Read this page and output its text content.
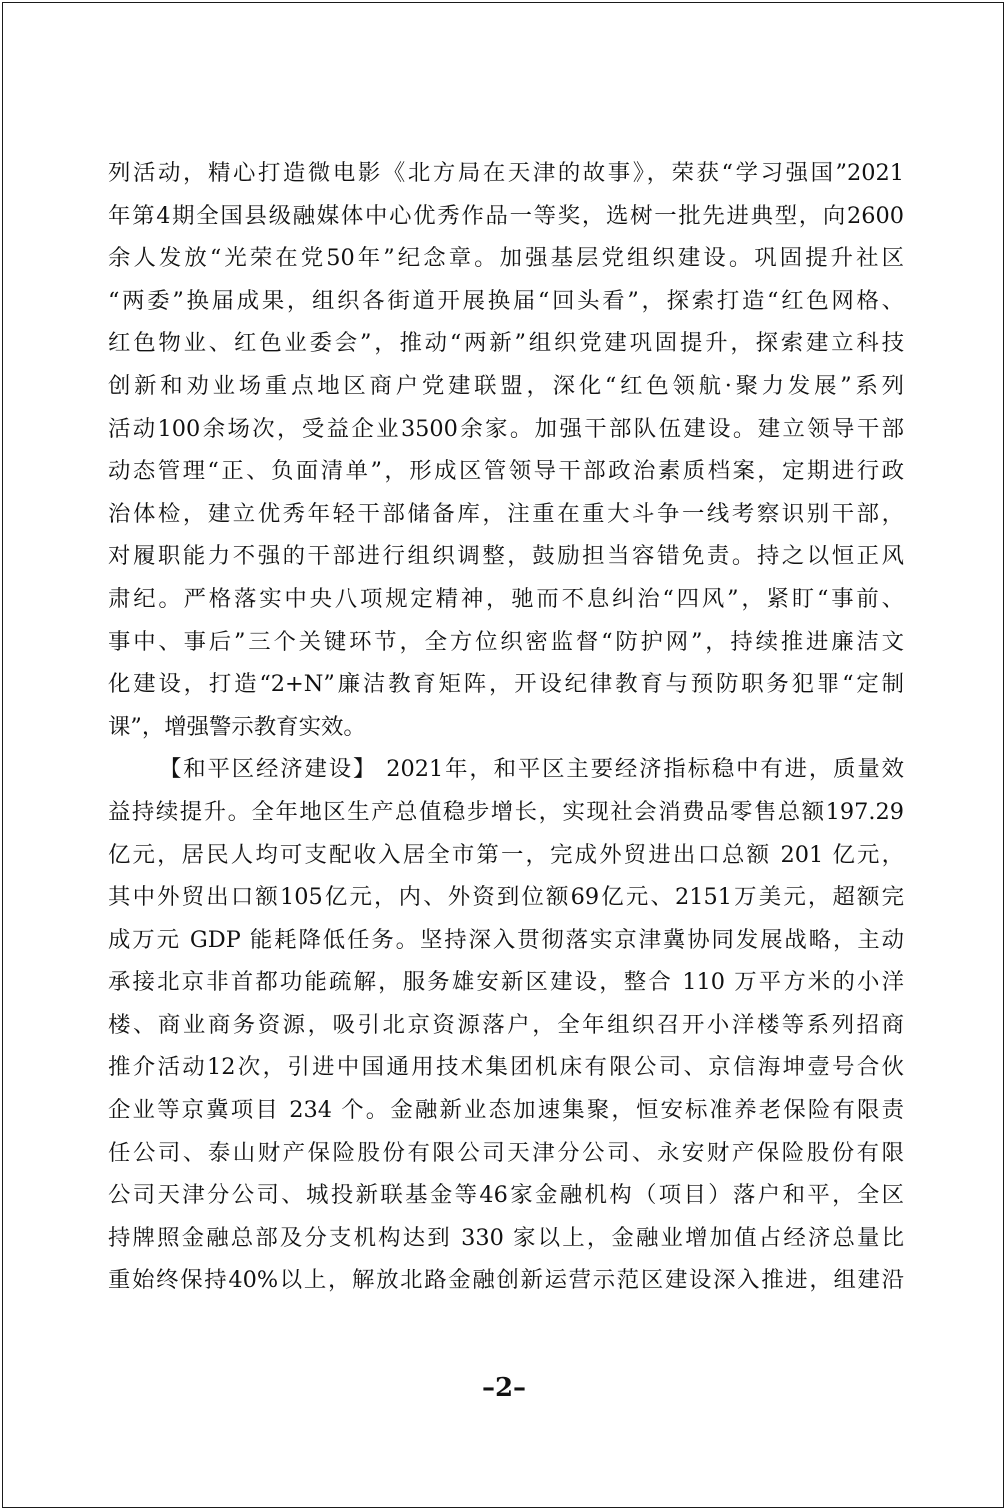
列活动，精心打造微电影《北方局在天津的故事》，荣获“学习强国”2021
年第4期全国县级融媒体中心优秀作品一等奖，选树一批先进典型，向2600
余人发放“光荣在党50年”纪念章。加强基层党组织建设。巩固提升社区
“两委”换届成果，组织各街道开展换届“回头看”，探索打造“红色网格、
红色物业、红色业委会”，推动“两新”组织党建巩固提升，探索建立科技
创新和劝业场重点地区商户党建联盟，深化“红色领航·聚力发展”系列
活动100余场次，受益企业3500余家。加强干部队伍建设。建立领导干部
动态管理“正、负面清单”，形成区管领导干部政治素质档案，定期进行政
治体检，建立优秀年轻干部储备库，注重在重大斗争一线考察识别干部，
对履职能力不强的干部进行组织调整，鼓励担当容错免责。持之以恒正风
肃纪。严格落实中央八项规定精神，驰而不息纠治“四风”，紧盯“事前、
事中、事后”三个关键环节，全方位织密监督“防护网”，持续推进廉洁文
化建设，打造“2+N”廉洁教育矩阵，开设纪律教育与预防职务犯罪“定制
课”，增强警示教育实效。
【和平区经济建设】 2021年，和平区主要经济指标稳中有进，质量效
益持续提升。全年地区生产总值稳步增长，实现社会消费品零售总额197.29
亿元，居民人均可支配收入居全市第一，完成外贸进出口总额 201 亿元，
其中外贸出口额105亿元，内、外资到位额69亿元、2151万美元，超额完
成万元 GDP 能耗降低任务。坚持深入贯彻落实京津冀协同发展战略，主动
承接北京非首都功能疏解，服务雄安新区建设，整合 110 万平方米的小洋
楼、商业商务资源，吸引北京资源落户，全年组织召开小洋楼等系列招商
推介活动12次，引进中国通用技术集团机床有限公司、京信海坤壹号合伙
企业等京冀项目 234 个。金融新业态加速集聚，恒安标准养老保险有限责
任公司、泰山财产保险股份有限公司天津分公司、永安财产保险股份有限
公司天津分公司、城投新联基金等46家金融机构（项目）落户和平，全区
持牌照金融总部及分支机构达到 330 家以上，金融业增加值占经济总量比
重始终保持40%以上，解放北路金融创新运营示范区建设深入推进，组建沿
–2–
